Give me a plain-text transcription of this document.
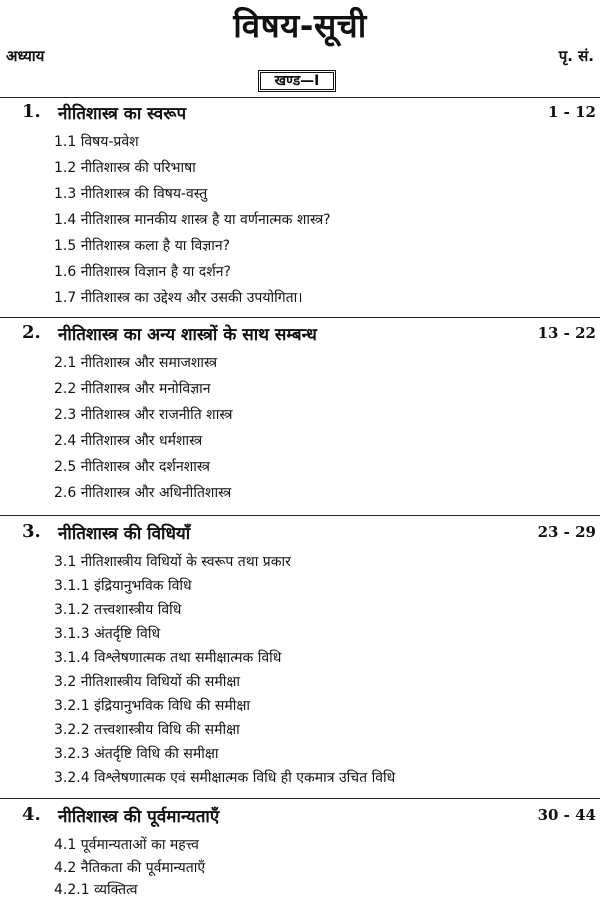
विषय-सूची
अध्याय	पृ. सं.
खण्ड—I
1. नीतिशास्त्र का स्वरूप	1 - 12
1.1 विषय-प्रवेश
1.2 नीतिशास्त्र की परिभाषा
1.3 नीतिशास्त्र की विषय-वस्तु
1.4 नीतिशास्त्र मानकीय शास्त्र है या वर्णनात्मक शास्त्र?
1.5 नीतिशास्त्र कला है या विज्ञान?
1.6 नीतिशास्त्र विज्ञान है या दर्शन?
1.7 नीतिशास्त्र का उद्देश्य और उसकी उपयोगिता।
2. नीतिशास्त्र का अन्य शास्त्रों के साथ सम्बन्ध	13 - 22
2.1 नीतिशास्त्र और समाजशास्त्र
2.2 नीतिशास्त्र और मनोविज्ञान
2.3 नीतिशास्त्र और राजनीति शास्त्र
2.4 नीतिशास्त्र और धर्मशास्त्र
2.5 नीतिशास्त्र और दर्शनशास्त्र
2.6 नीतिशास्त्र और अधिनीतिशास्त्र
3. नीतिशास्त्र की विधियाँ	23 - 29
3.1 नीतिशास्त्रीय विधियों के स्वरूप तथा प्रकार
3.1.1 इंद्रियानुभविक विधि
3.1.2 तत्त्वशास्त्रीय विधि
3.1.3 अंतर्दृष्टि विधि
3.1.4 विश्लेषणात्मक तथा समीक्षात्मक विधि
3.2 नीतिशास्त्रीय विधियों की समीक्षा
3.2.1 इंद्रियानुभविक विधि की समीक्षा
3.2.2 तत्त्वशास्त्रीय विधि की समीक्षा
3.2.3 अंतर्दृष्टि विधि की समीक्षा
3.2.4 विश्लेषणात्मक एवं समीक्षात्मक विधि ही एकमात्र उचित विधि
4. नीतिशास्त्र की पूर्वमान्यताएँ	30 - 44
4.1 पूर्वमान्यताओं का महत्त्व
4.2 नैतिकता की पूर्वमान्यताएँ
4.2.1 व्यक्तित्व
